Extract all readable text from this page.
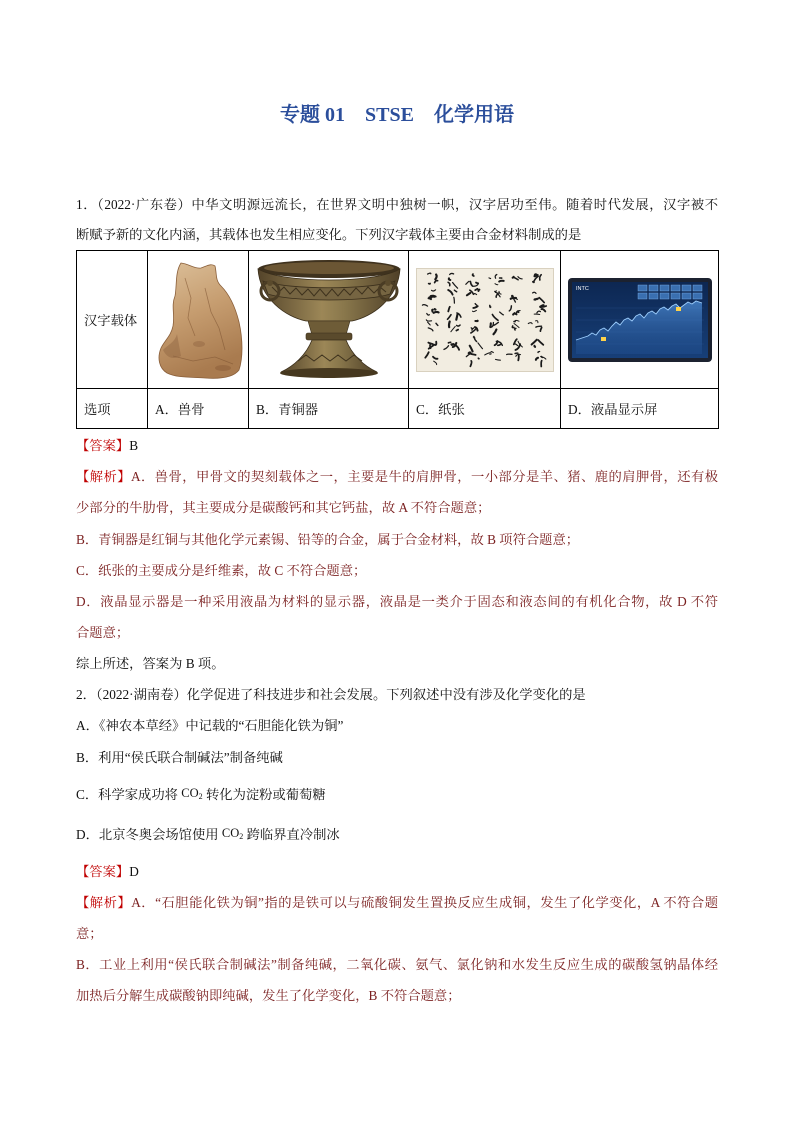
专题 01　STSE　化学用语
1．（2022·广东卷）中华文明源远流长，在世界文明中独树一帜，汉字居功至伟。随着时代发展，汉字被不
断赋予新的文化内涵，其载体也发生相应变化。下列汉字载体主要由合金材料制成的是
汉字载体				INTC

选项	A．兽骨	B．青铜器	C．纸张	D．液晶显示屏
【答案】B
【解析】A．兽骨，甲骨文的契刻载体之一，主要是牛的肩胛骨，一小部分是羊、猪、鹿的肩胛骨，还有极
少部分的牛肋骨，其主要成分是碳酸钙和其它钙盐，故 A 不符合题意；
B．青铜器是红铜与其他化学元素锡、铅等的合金，属于合金材料，故 B 项符合题意；
C．纸张的主要成分是纤维素，故 C 不符合题意；
D．液晶显示器是一种采用液晶为材料的显示器，液晶是一类介于固态和液态间的有机化合物，故 D 不符
合题意；
综上所述，答案为 B 项。
2．（2022·湖南卷）化学促进了科技进步和社会发展。下列叙述中没有涉及化学变化的是
A．《神农本草经》中记载的“石胆能化铁为铜”
B．利用“侯氏联合制碱法”制备纯碱
C．科学家成功将 $CO_2$ 转化为淀粉或葡萄糖
D．北京冬奥会场馆使用 $CO_2$ 跨临界直冷制冰
【答案】D
【解析】A．“石胆能化铁为铜”指的是铁可以与硫酸铜发生置换反应生成铜，发生了化学变化，A 不符合题
意；
B．工业上利用“侯氏联合制碱法”制备纯碱，二氧化碳、氨气、氯化钠和水发生反应生成的碳酸氢钠晶体经
加热后分解生成碳酸钠即纯碱，发生了化学变化，B 不符合题意；
